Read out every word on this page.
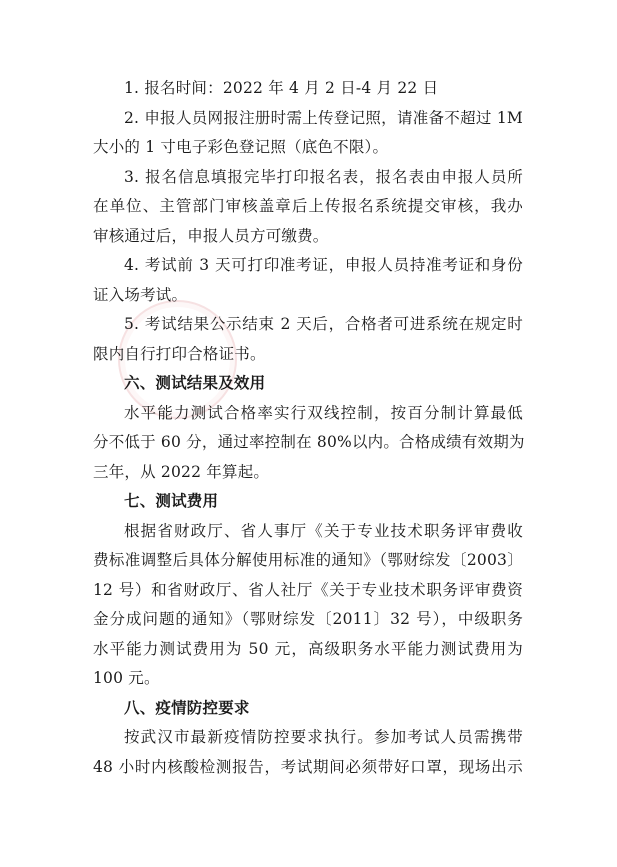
1. 报名时间：2022 年 4 月 2 日-4 月 22 日
2. 申报人员网报注册时需上传登记照，请准备不超过 1M
大小的 1 寸电子彩色登记照（底色不限）。
3. 报名信息填报完毕打印报名表，报名表由申报人员所
在单位、主管部门审核盖章后上传报名系统提交审核，我办
审核通过后，申报人员方可缴费。
4. 考试前 3 天可打印准考证，申报人员持准考证和身份
证入场考试。
5. 考试结果公示结束 2 天后，合格者可进系统在规定时
限内自行打印合格证书。
六、测试结果及效用
水平能力测试合格率实行双线控制，按百分制计算最低
分不低于 60 分，通过率控制在 80%以内。合格成绩有效期为
三年，从 2022 年算起。
七、测试费用
根据省财政厅、省人事厅《关于专业技术职务评审费收
费标准调整后具体分解使用标准的通知》（鄂财综发〔2003〕
12 号）和省财政厅、省人社厅《关于专业技术职务评审费资
金分成问题的通知》（鄂财综发〔2011〕32 号），中级职务
水平能力测试费用为 50 元，高级职务水平能力测试费用为
100 元。
八、疫情防控要求
按武汉市最新疫情防控要求执行。参加考试人员需携带
48 小时内核酸检测报告，考试期间必须带好口罩，现场出示
